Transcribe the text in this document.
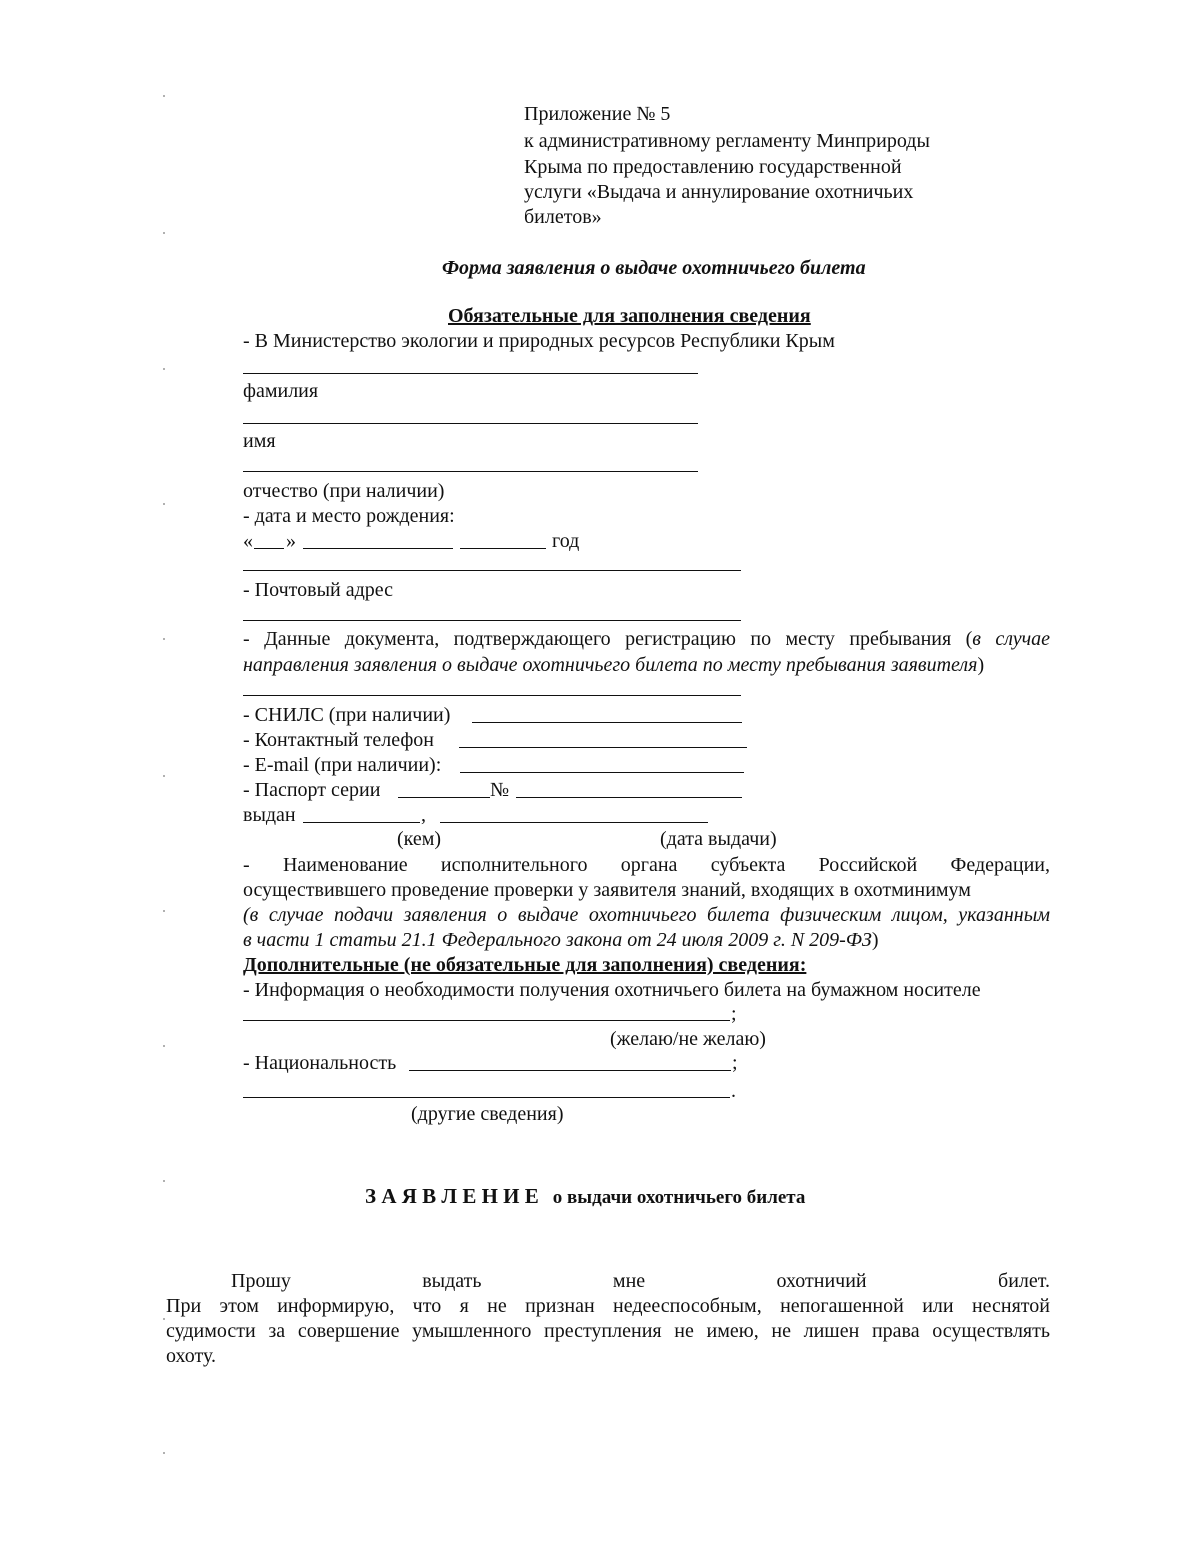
Приложение № 5
к административному регламенту Минприроды
Крыма по предоставлению государственной
услуги «Выдача и аннулирование охотничьих
билетов»
Форма заявления о выдаче охотничьего билета
Обязательные для заполнения сведения
- В Министерство экологии и природных ресурсов Республики Крым
фамилия
имя
отчество (при наличии)
- дата и место рождения:
« »	год
- Почтовый адрес
- Данные документа, подтверждающего регистрацию по месту пребывания (в случае
направления заявления о выдаче охотничьего билета по месту пребывания заявителя)
- СНИЛС (при наличии)
- Контактный телефон
- E-mail (при наличии):
- Паспорт серии	№
выдан	,
(кем)	(дата выдачи)
- Наименование исполнительного органа субъекта Российской Федерации,
осуществившего проведение проверки у заявителя знаний, входящих в охотминимум
(в случае подачи заявления о выдаче охотничьего билета физическим лицом, указанным
в части 1 статьи 21.1 Федерального закона от 24 июля 2009 г. N 209-ФЗ)
Дополнительные (не обязательные для заполнения) сведения:
- Информация о необходимости получения охотничьего билета на бумажном носителе
;
(желаю/не желаю)
- Национальность	;
.
(другие сведения)
З А Я В Л Е Н И Е о выдачи охотничьего билета
Прошу выдать мне охотничий билет.
При этом информирую, что я не признан недееспособным, непогашенной или неснятой
судимости за совершение умышленного преступления не имею, не лишен права осуществлять
охоту.
